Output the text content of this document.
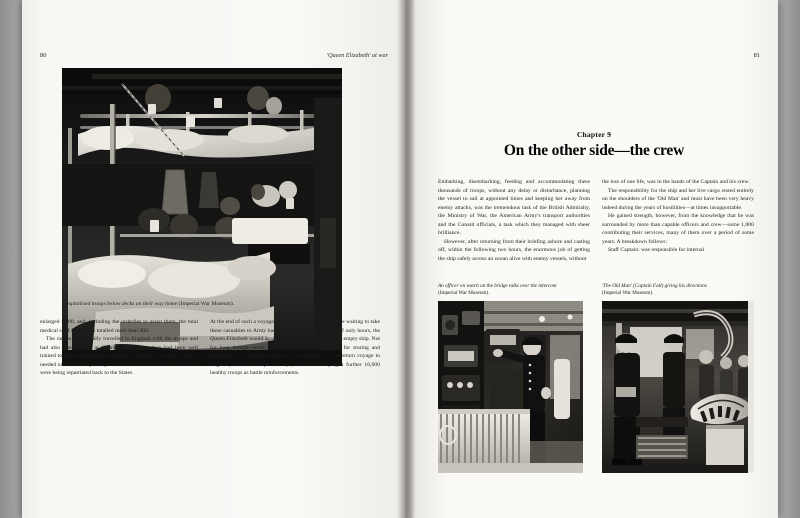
80	'Queen Elizabeth' at war
Hospitalised troops below decks on their way home (Imperial War Museum).

enlarged to 80, and, including the orderlies to assist them, the total medical staff sometimes totalled more than 400.

The nurses had initially travelled to England with the troops and had also disembarked at Gourock. In Europe they had been well trained to cope with nursing casualties, and they were now urgently needed on this return journey to nurse the hundreds of wounded who were being repatriated back to the States.

At the end of such a voyage, lines of ambulances would be waiting to take these casualties to Army base hospitals and, in a matter of only hours, the Queen Elizabeth would again have the feeling of being an empty ship. Not for long though—even in this short time, preparation for storing and refuelling were already under way, in readiness for the return voyage to England, within a couple of days, this time carrying a further 16,000 healthy troops as battle reinforcements.

81
Chapter 9
On the other side—the crew

Embarking, disembarking, feeding and accommodating these thousands of troops, without any delay or disturbance, planning the vessel to sail at appointed times and keeping her away from enemy attacks, was the tremendous task of the British Admiralty, the Ministry of War, the American Army's transport authorities and the Cunard officials, a task which they managed with sheer brilliance.

However, after returning from their briefing ashore and casting off, within the following two hours, the enormous job of getting the ship safely across an ocean alive with enemy vessels, without

the loss of one life, was in the hands of the Captain and his crew.

The responsibility for the ship and her live cargo rested entirely on the shoulders of the 'Old Man' and must have been very heavy indeed during the years of hostilities—at times insupportable.

He gained strength, however, from the knowledge that he was surrounded by more than capable officers and crew—some 1,000 contributing their services, many of them over a period of some years. A breakdown follows:

Staff Captain: was responsible for internal

An officer on watch on the bridge talks over the intercom
(Imperial War Museum).
'The Old Man' (Captain Fall) giving his directions
(Imperial War Museum).
